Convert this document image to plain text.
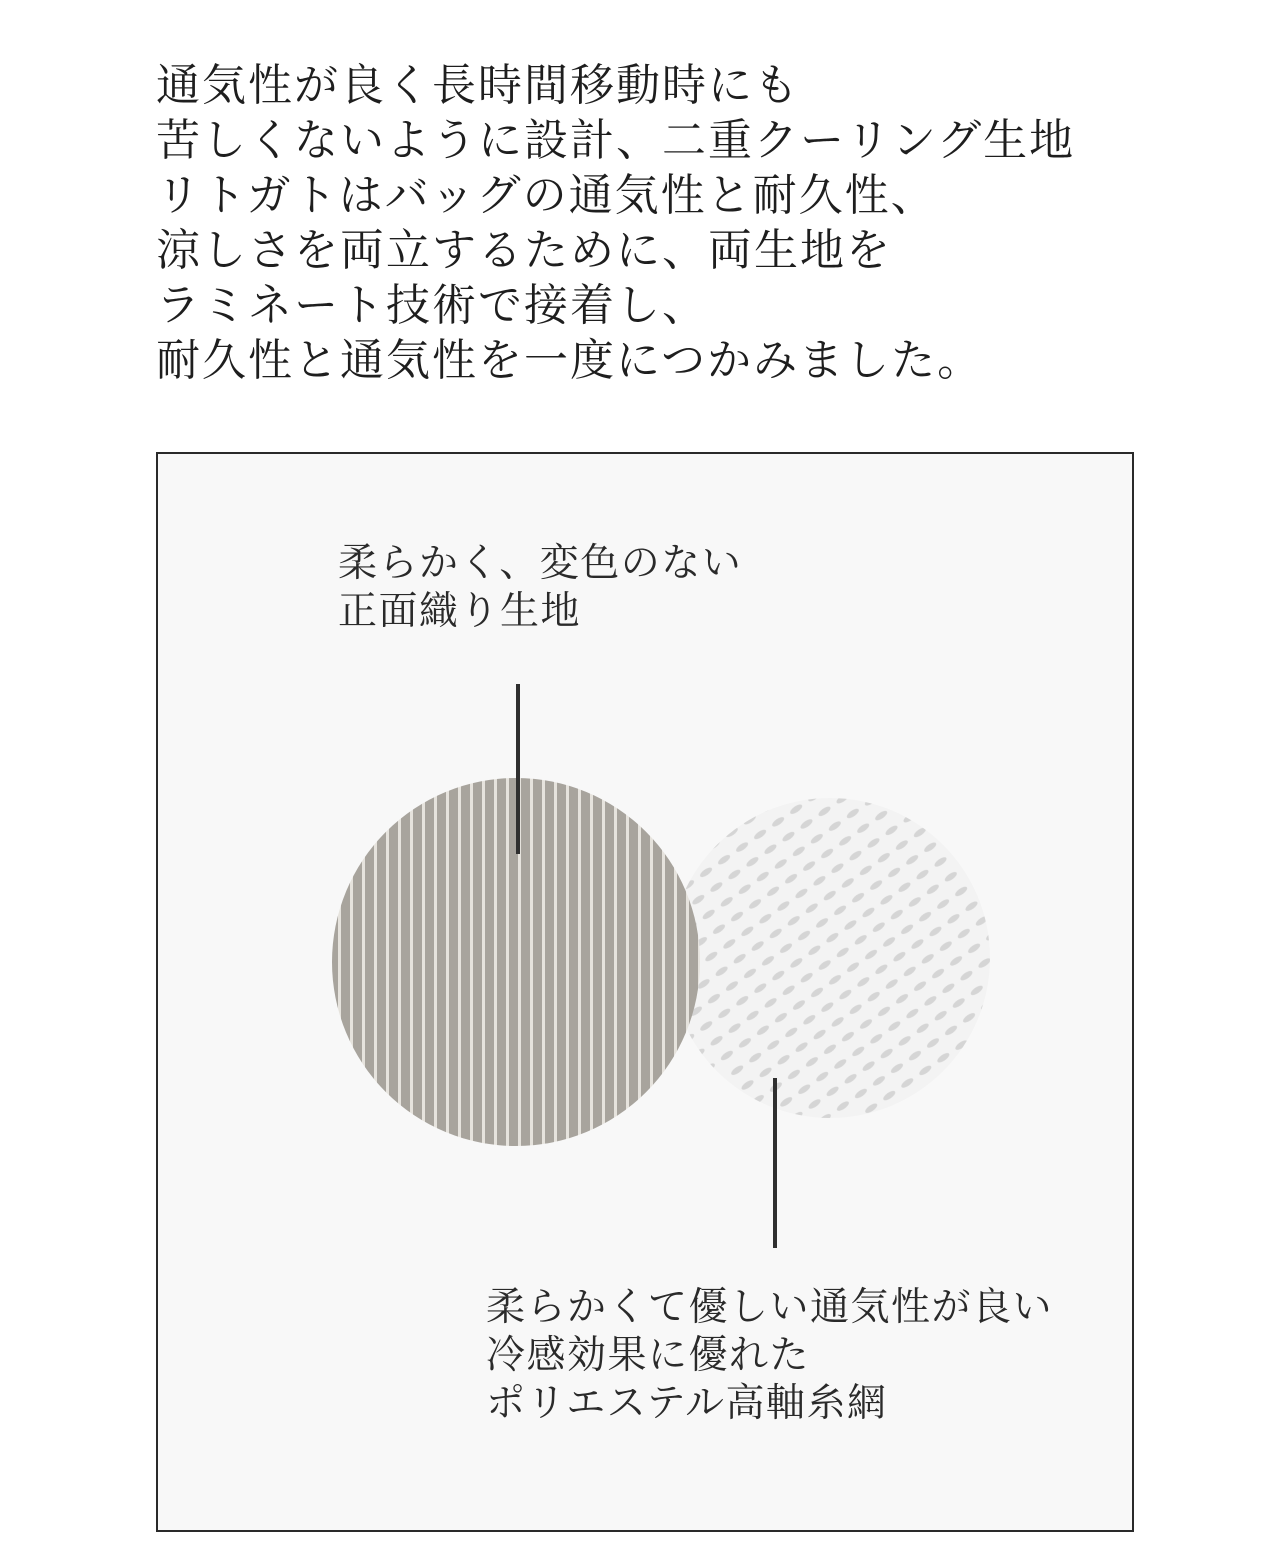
通気性が良く長時間移動時にも
苦しくないように設計、二重クーリング生地
リトガトはバッグの通気性と耐久性、
涼しさを両立するために、両生地を
ラミネート技術で接着し、
耐久性と通気性を一度につかみました。
柔らかく、変色のない
正面織り生地
柔らかくて優しい通気性が良い
冷感効果に優れた
ポリエステル高軸糸網
